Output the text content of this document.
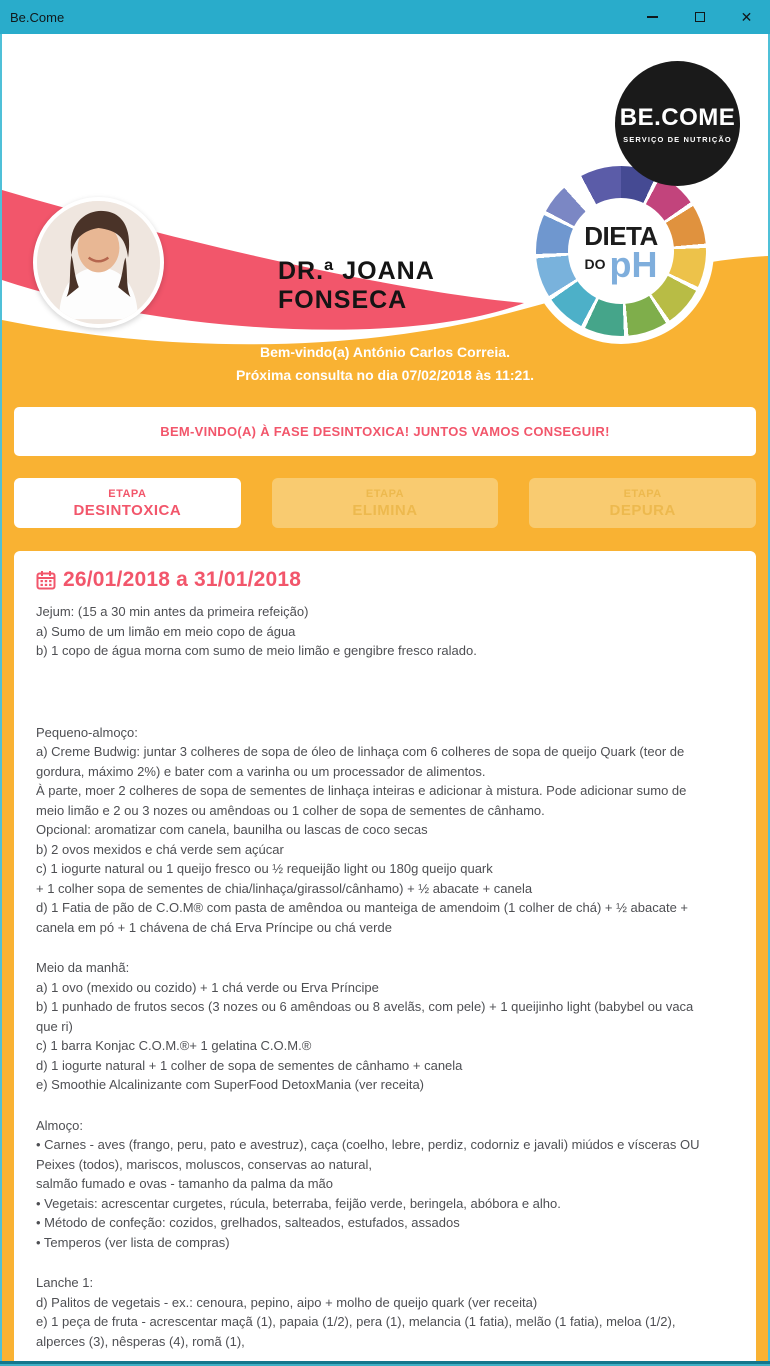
Be.Come	✕
DR.ª JOANA
FONSECA
DIETA
DO pH
BE.COME
SERVIÇO DE NUTRIÇÃO
Bem-vindo(a) António Carlos Correia.
Próxima consulta no dia 07/02/2018 às 11:21.
BEM-VINDO(A) À FASE DESINTOXICA! JUNTOS VAMOS CONSEGUIR!
ETAPA
DESINTOXICA
ETAPA
ELIMINA
ETAPA
DEPURA
26/01/2018 a 31/01/2018
Jejum: (15 a 30 min antes da primeira refeição)
a) Sumo de um limão em meio copo de água
b) 1 copo de água morna com sumo de meio limão e gengibre fresco ralado.
Pequeno-almoço:
a) Creme Budwig: juntar 3 colheres de sopa de óleo de linhaça com 6 colheres de sopa de queijo Quark (teor de
gordura, máximo 2%) e bater com a varinha ou um processador de alimentos.
À parte, moer 2 colheres de sopa de sementes de linhaça inteiras e adicionar à mistura. Pode adicionar sumo de
meio limão e 2 ou 3 nozes ou amêndoas ou 1 colher de sopa de sementes de cânhamo.
Opcional: aromatizar com canela, baunilha ou lascas de coco secas
b) 2 ovos mexidos e chá verde sem açúcar
c) 1 iogurte natural ou 1 queijo fresco ou ½ requeijão light ou 180g queijo quark
+ 1 colher sopa de sementes de chia/linhaça/girassol/cânhamo) + ½ abacate + canela
d) 1 Fatia de pão de C.O.M® com pasta de amêndoa ou manteiga de amendoim (1 colher de chá) + ½ abacate +
canela em pó + 1 chávena de chá Erva Príncipe ou chá verde
Meio da manhã:
a) 1 ovo (mexido ou cozido) + 1 chá verde ou Erva Príncipe
b) 1 punhado de frutos secos (3 nozes ou 6 amêndoas ou 8 avelãs, com pele) + 1 queijinho light (babybel ou vaca
que ri)
c) 1 barra Konjac C.O.M.®+ 1 gelatina C.O.M.®
d) 1 iogurte natural + 1 colher de sopa de sementes de cânhamo + canela
e) Smoothie Alcalinizante com SuperFood DetoxMania (ver receita)
Almoço:
• Carnes - aves (frango, peru, pato e avestruz), caça (coelho, lebre, perdiz, codorniz e javali) miúdos e vísceras OU
Peixes (todos), mariscos, moluscos, conservas ao natural,
salmão fumado e ovas - tamanho da palma da mão
• Vegetais: acrescentar curgetes, rúcula, beterraba, feijão verde, beringela, abóbora e alho.
• Método de confeção: cozidos, grelhados, salteados, estufados, assados
• Temperos (ver lista de compras)
Lanche 1:
d) Palitos de vegetais - ex.: cenoura, pepino, aipo + molho de queijo quark (ver receita)
e) 1 peça de fruta - acrescentar maçã (1), papaia (1/2), pera (1), melancia (1 fatia), melão (1 fatia), meloa (1/2),
alperces (3), nêsperas (4), romã (1),
